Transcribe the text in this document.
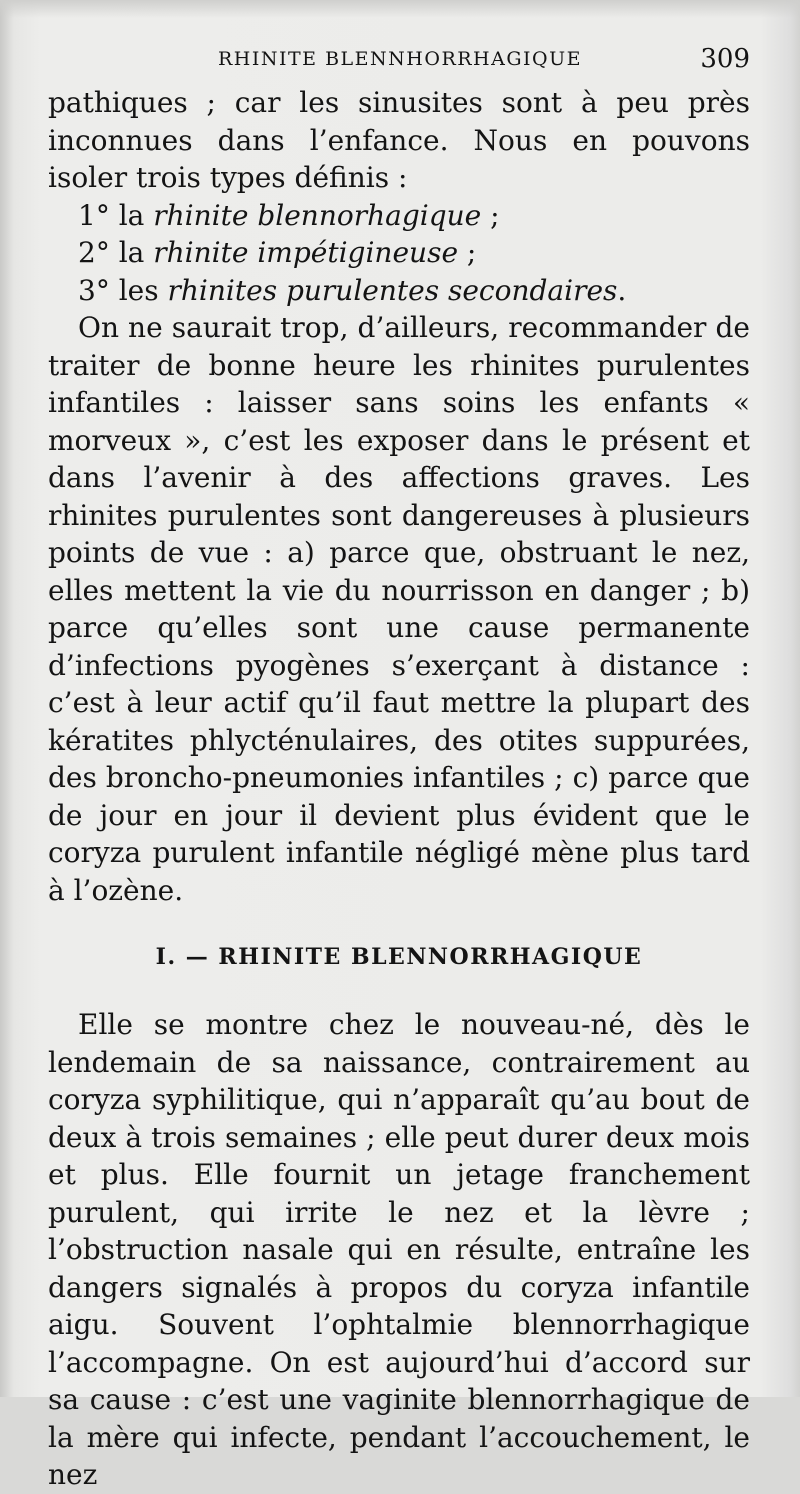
RHINITE BLENNHORRHAGIQUE	309

pathiques ; car les sinusites sont à peu près inconnues dans l’enfance. Nous en pouvons isoler trois types définis :

1° la rhinite blennorhagique ;

2° la rhinite impétigineuse ;

3° les rhinites purulentes secondaires.

On ne saurait trop, d’ailleurs, recommander de traiter de bonne heure les rhinites purulentes infantiles : laisser sans soins les enfants « morveux », c’est les exposer dans le présent et dans l’avenir à des affections graves. Les rhinites purulentes sont dangereuses à plusieurs points de vue : a) parce que, obstruant le nez, elles mettent la vie du nourrisson en danger ; b) parce qu’elles sont une cause permanente d’infections pyogènes s’exerçant à distance : c’est à leur actif qu’il faut mettre la plupart des kératites phlycténulaires, des otites suppurées, des broncho-pneumonies infantiles ; c) parce que de jour en jour il devient plus évident que le coryza purulent infantile négligé mène plus tard à l’ozène.

I. — RHINITE BLENNORRHAGIQUE

Elle se montre chez le nouveau-né, dès le lendemain de sa naissance, contrairement au coryza syphilitique, qui n’apparaît qu’au bout de deux à trois semaines ; elle peut durer deux mois et plus. Elle fournit un jetage franchement purulent, qui irrite le nez et la lèvre ; l’obstruction nasale qui en résulte, entraîne les dangers signalés à propos du coryza infantile aigu. Souvent l’ophtalmie blennorrhagique l’accompagne. On est aujourd’hui d’accord sur sa cause : c’est une vaginite blennorrhagique de la mère qui infecte, pendant l’accouchement, le nez
